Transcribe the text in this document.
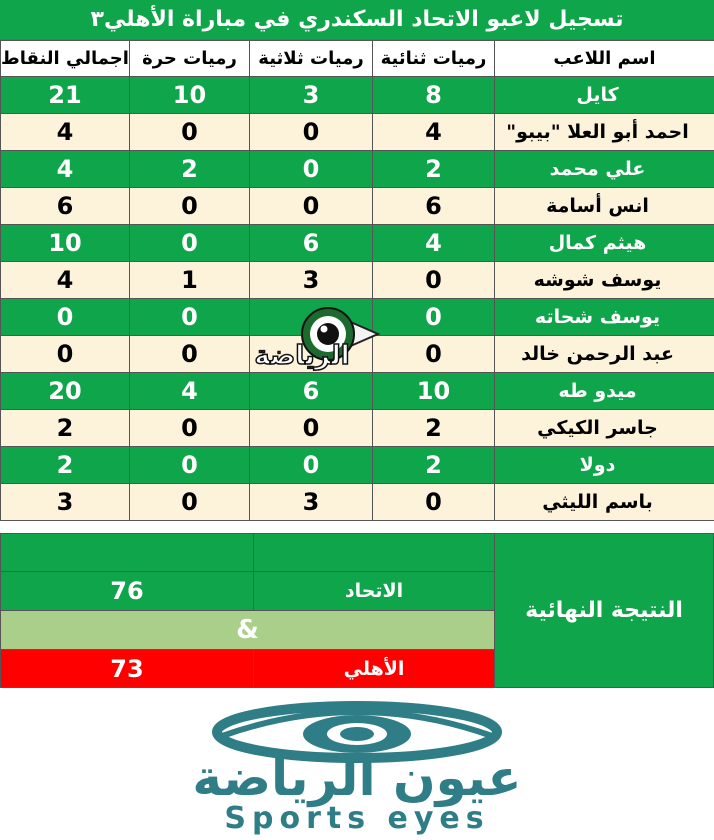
تسجيل لاعبو الاتحاد السكندري في مباراة الأهلي٣
اسم اللاعب	رميات ثنائية	رميات ثلاثية	رميات حرة	اجمالي النقاط
كايل	8	3	10	21
احمد أبو العلا "بيبو"	4	0	0	4
علي محمد	2	0	2	4
انس أسامة	6	0	0	6
هيثم كمال	4	6	0	10
يوسف شوشه	0	3	1	4
يوسف شحاته	0		0	0
عبد الرحمن خالد	0		0	0
ميدو طه	10	6	4	20
جاسر الكيكي	2	0	0	2
دولا	2	0	0	2
باسم الليثي	0	3	0	3
الرياضة
النتيجة النهائية
76	الاتحاد
&
73	الأهلي
عيون الرياضة
Sports eyes
